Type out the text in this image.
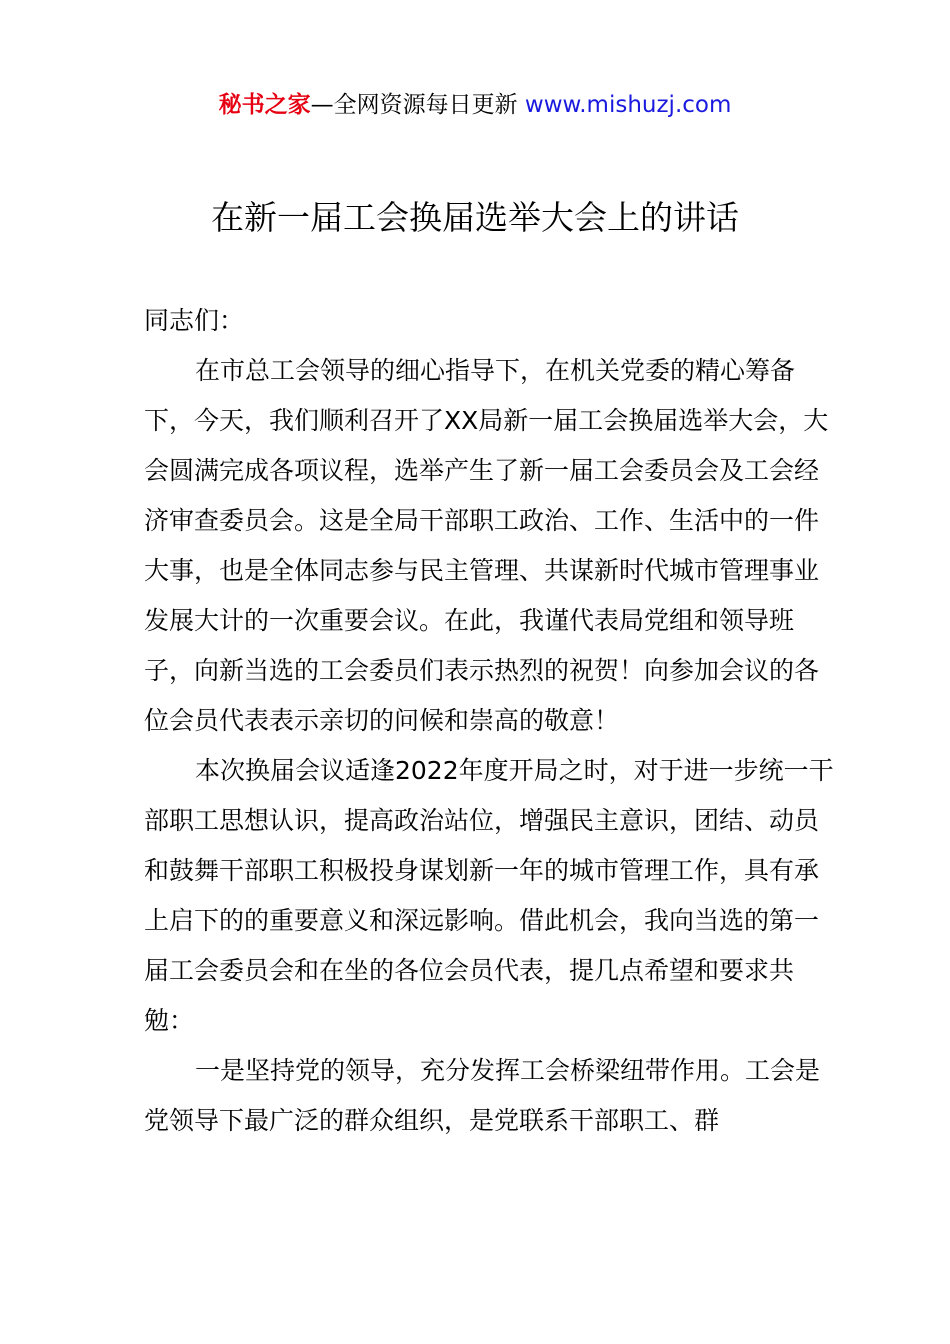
秘书之家—全网资源每日更新 www.mishuzj.com
在新一届工会换届选举大会上的讲话

同志们：

在市总工会领导的细心指导下，在机关党委的精心筹备下，今天，我们顺利召开了XX局新一届工会换届选举大会，大会圆满完成各项议程，选举产生了新一届工会委员会及工会经济审查委员会。这是全局干部职工政治、工作、生活中的一件大事，也是全体同志参与民主管理、共谋新时代城市管理事业发展大计的一次重要会议。在此，我谨代表局党组和领导班子，向新当选的工会委员们表示热烈的祝贺！向参加会议的各位会员代表表示亲切的问候和崇高的敬意！

本次换届会议适逢2022年度开局之时，对于进一步统一干部职工思想认识，提高政治站位，增强民主意识，团结、动员和鼓舞干部职工积极投身谋划新一年的城市管理工作，具有承上启下的的重要意义和深远影响。借此机会，我向当选的第一届工会委员会和在坐的各位会员代表，提几点希望和要求共勉：

一是坚持党的领导，充分发挥工会桥梁纽带作用。工会是党领导下最广泛的群众组织，是党联系干部职工、群
